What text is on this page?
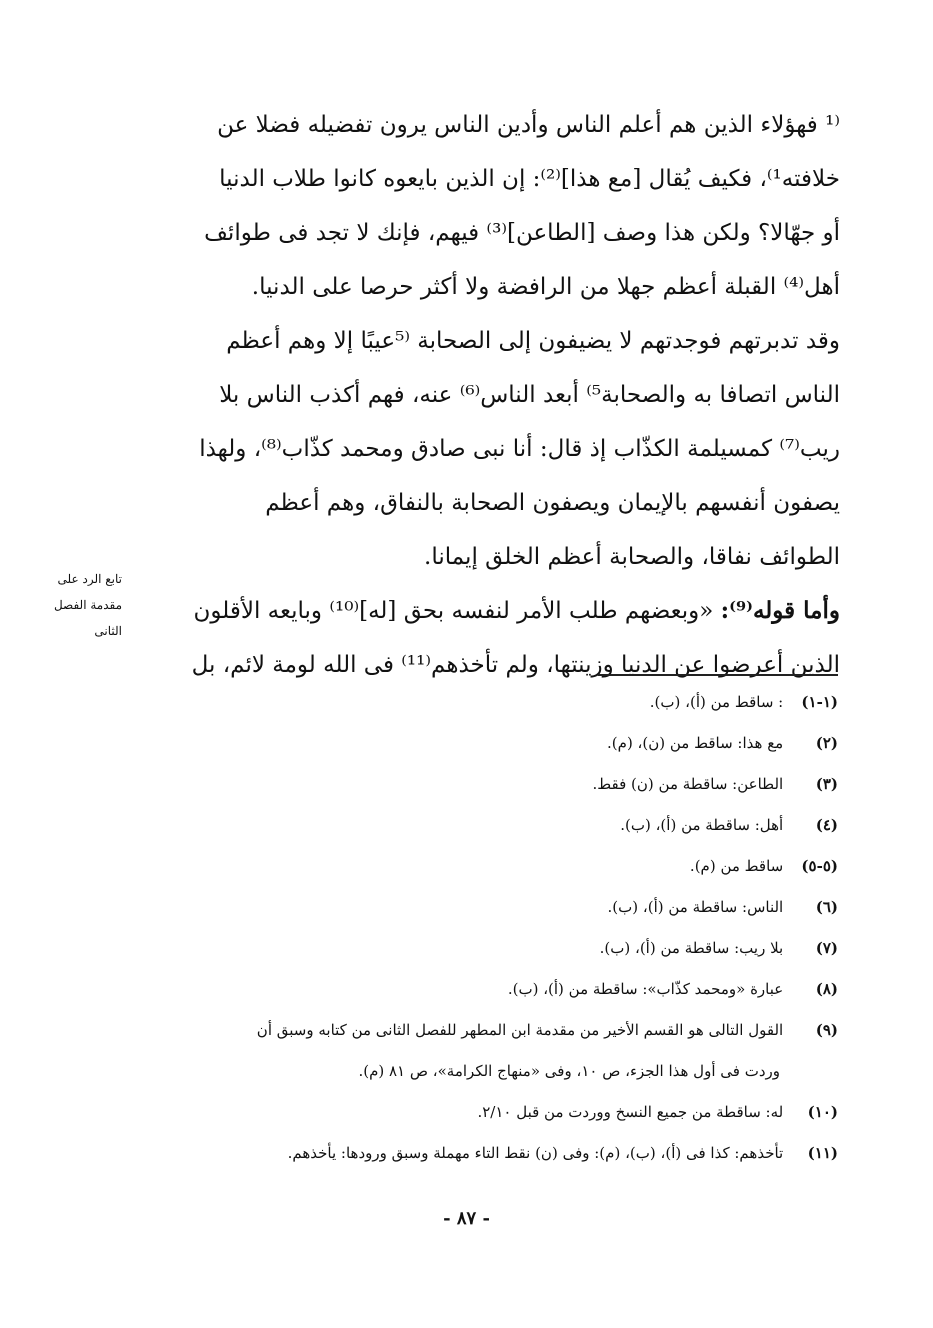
⁽¹ فهؤلاء الذين هم أعلم الناس وأدين الناس يرون تفضيله فضلا عن
خلافته¹⁾، فكيف يُقال [مع هذا]⁽²⁾: إن الذين بايعوه كانوا طلاب الدنيا
أو جهّالا؟ ولكن هذا وصف [الطاعن]⁽³⁾ فيهم، فإنك لا تجد فى طوائف
أهل⁽⁴⁾ القبلة أعظم جهلا من الرافضة ولا أكثر حرصا على الدنيا.
وقد تدبرتهم فوجدتهم لا يضيفون إلى الصحابة ⁽⁵عيبًا إلا وهم أعظم
الناس اتصافا به والصحابة⁵⁾ أبعد الناس⁽⁶⁾ عنه، فهم أكذب الناس بلا
ريب⁽⁷⁾ كمسيلمة الكذّاب إذ قال: أنا نبى صادق ومحمد كذّاب⁽⁸⁾، ولهذا
يصفون أنفسهم بالإيمان ويصفون الصحابة بالنفاق، وهم أعظم
الطوائف نفاقا، والصحابة أعظم الخلق إيمانا.
وأما قوله⁽⁹⁾: «وبعضهم طلب الأمر لنفسه بحق [له]⁽¹⁰⁾ وبايعه الأقلون
الذين أعرضوا عن الدنيا وزينتها، ولم تأخذهم⁽¹¹⁾ فى الله لومة لائم، بل
تابع الرد على
مقدمة الفصل
الثانى
(١-١) : ساقط من (أ)، (ب).
(٢) مع هذا: ساقط من (ن)، (م).
(٣) الطاعن: ساقطة من (ن) فقط.
(٤) أهل: ساقطة من (أ)، (ب).
(٥-٥) ساقط من (م).
(٦) الناس: ساقطة من (أ)، (ب).
(٧) بلا ريب: ساقطة من (أ)، (ب).
(٨) عبارة «ومحمد كذّاب»: ساقطة من (أ)، (ب).
(٩) القول التالى هو القسم الأخير من مقدمة ابن المطهر للفصل الثانى من كتابه وسبق أن
وردت فى أول هذا الجزء، ص ١٠، وفى «منهاج الكرامة»، ص ٨١ (م).
(١٠) له: ساقطة من جميع النسخ ووردت من قبل ٢/١٠.
(١١) تأخذهم: كذا فى (أ)، (ب)، (م): وفى (ن) نقط التاء مهملة وسبق ورودها: يأخذهم.
- ٨٧ -
